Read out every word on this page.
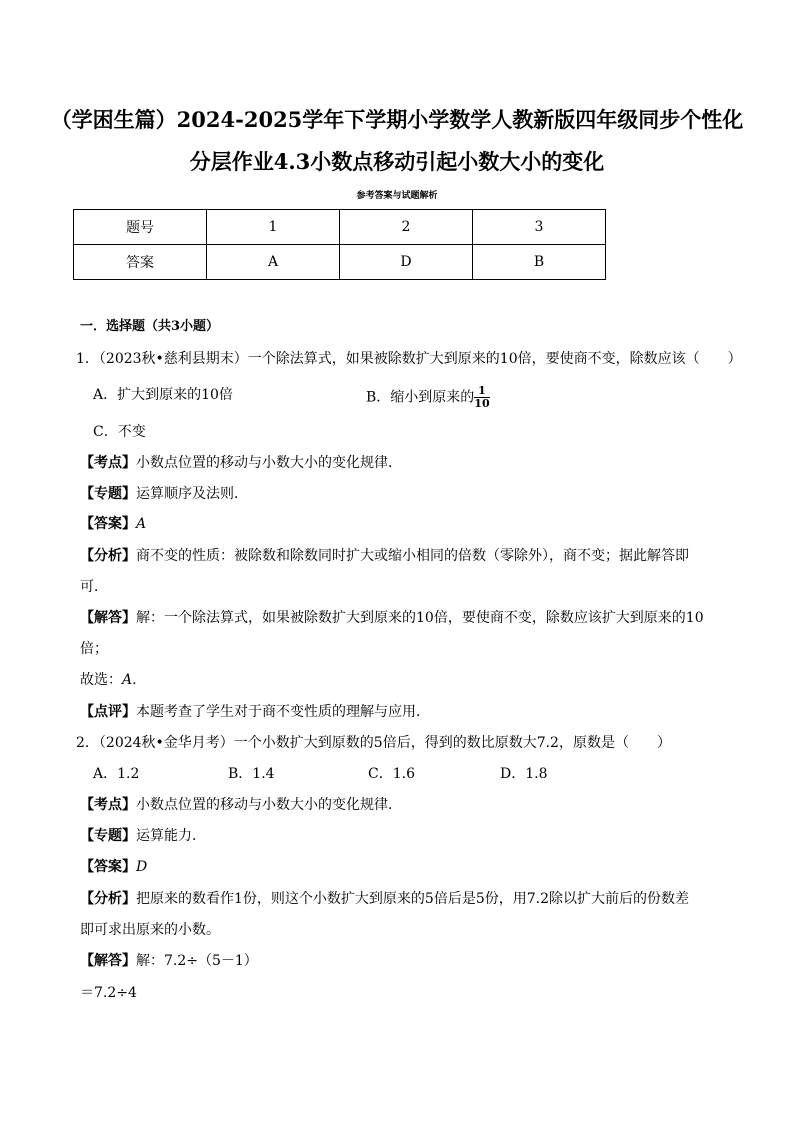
（学困生篇）2024-2025学年下学期小学数学人教新版四年级同步个性化
分层作业4.3小数点移动引起小数大小的变化
参考答案与试题解析
题号	1	2	3
答案	A	D	B
一．选择题（共3小题）
1．（2023秋•慈利县期末）一个除法算式，如果被除数扩大到原来的10倍，要使商不变，除数应该（　　）
A．扩大到原来的10倍	B．缩小到原来的 $\frac{1}{10}$
C．不变
【考点】小数点位置的移动与小数大小的变化规律．
【专题】运算顺序及法则．
【答案】A
【分析】商不变的性质：被除数和除数同时扩大或缩小相同的倍数（零除外），商不变；据此解答即
可．
【解答】解：一个除法算式，如果被除数扩大到原来的10倍，要使商不变，除数应该扩大到原来的10
倍；
故选：A．
【点评】本题考查了学生对于商不变性质的理解与应用．
2．（2024秋•金华月考）一个小数扩大到原数的5倍后，得到的数比原数大7.2，原数是（　　）
A．1.2	B．1.4	C．1.6	D．1.8
【考点】小数点位置的移动与小数大小的变化规律．
【专题】运算能力．
【答案】D
【分析】把原来的数看作1份，则这个小数扩大到原来的5倍后是5份，用7.2除以扩大前后的份数差
即可求出原来的小数。
【解答】解：7.2÷（5－1）
＝7.2÷4
